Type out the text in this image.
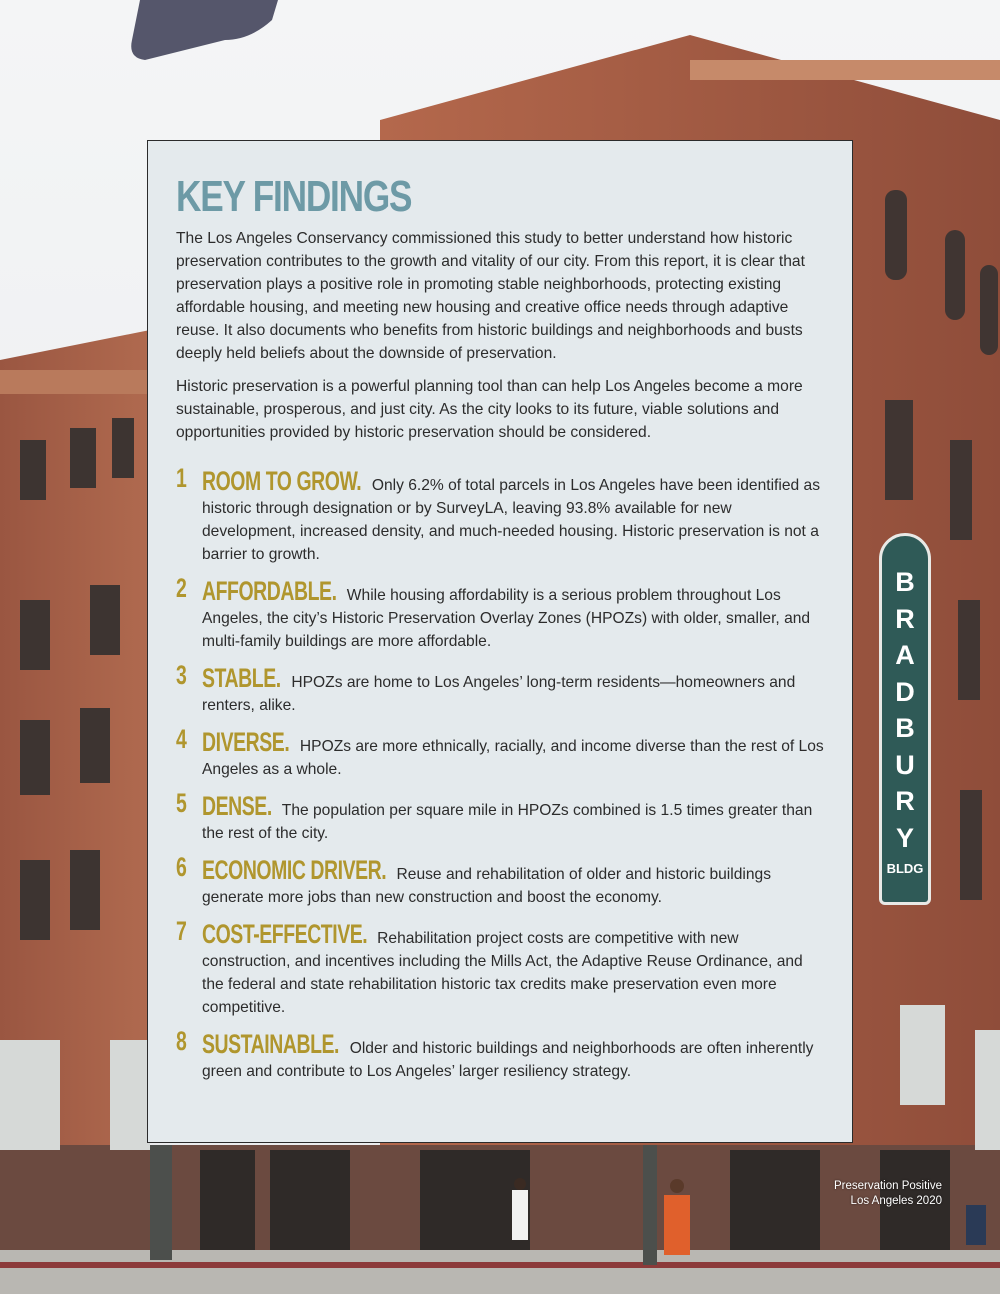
B
R
A
D
B
U
R
Y
BLDG
KEY FINDINGS

The Los Angeles Conservancy commissioned this study to better understand how historic preservation contributes to the growth and vitality of our city. From this report, it is clear that preservation plays a positive role in promoting stable neighborhoods, protecting existing affordable housing, and meeting new housing and creative office needs through adaptive reuse. It also documents who benefits from historic buildings and neighborhoods and busts deeply held beliefs about the downside of preservation.

Historic preservation is a powerful planning tool than can help Los Angeles become a more sustainable, prosperous, and just city. As the city looks to its future, viable solutions and opportunities provided by historic preservation should be considered.

1 ROOM TO GROW. Only 6.2% of total parcels in Los Angeles have been identified as historic through designation or by SurveyLA, leaving 93.8% available for new development, increased density, and much-needed housing. Historic preservation is not a barrier to growth.
2 AFFORDABLE. While housing affordability is a serious problem throughout Los Angeles, the city’s Historic Preservation Overlay Zones (HPOZs) with older, smaller, and multi-family buildings are more affordable.
3 STABLE. HPOZs are home to Los Angeles’ long-term residents—homeowners and renters, alike.
4 DIVERSE. HPOZs are more ethnically, racially, and income diverse than the rest of Los Angeles as a whole.
5 DENSE. The population per square mile in HPOZs combined is 1.5 times greater than the rest of the city.
6 ECONOMIC DRIVER. Reuse and rehabilitation of older and historic buildings generate more jobs than new construction and boost the economy.
7 COST-EFFECTIVE. Rehabilitation project costs are competitive with new construction, and incentives including the Mills Act, the Adaptive Reuse Ordinance, and the federal and state rehabilitation historic tax credits make preservation even more competitive.
8 SUSTAINABLE. Older and historic buildings and neighborhoods are often inherently green and contribute to Los Angeles’ larger resiliency strategy.
Preservation Positive
Los Angeles 2020
